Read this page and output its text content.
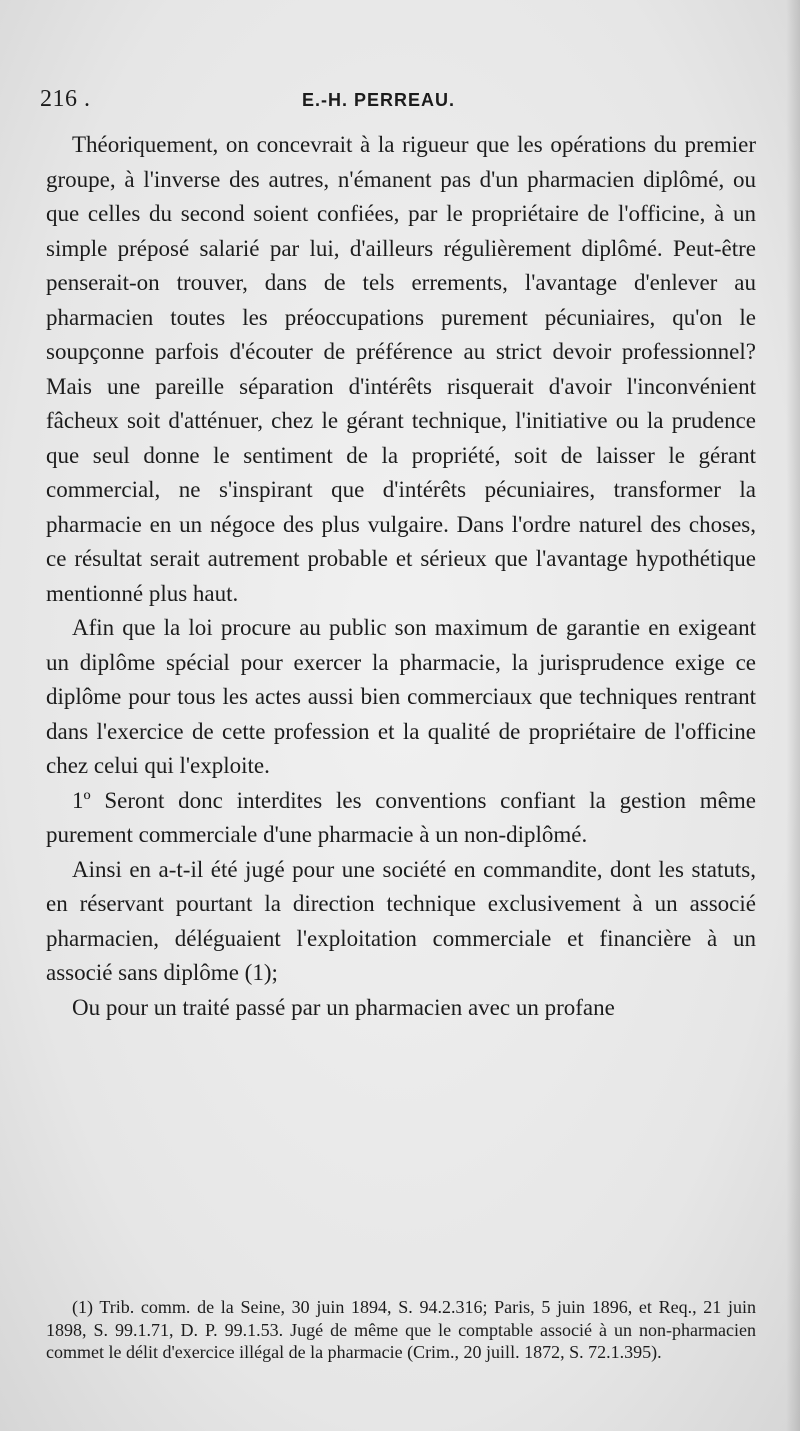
216 .	E.-H. PERREAU.

Théoriquement, on concevrait à la rigueur que les opérations du premier groupe, à l'inverse des autres, n'émanent pas d'un pharmacien diplômé, ou que celles du second soient confiées, par le propriétaire de l'officine, à un simple préposé salarié par lui, d'ailleurs régulièrement diplômé. Peut-être penserait-on trouver, dans de tels errements, l'avantage d'enlever au pharmacien toutes les préoccupations purement pécuniaires, qu'on le soupçonne parfois d'écouter de préférence au strict devoir professionnel? Mais une pareille séparation d'intérêts risquerait d'avoir l'inconvénient fâcheux soit d'atténuer, chez le gérant technique, l'initiative ou la prudence que seul donne le sentiment de la propriété, soit de laisser le gérant commercial, ne s'inspirant que d'intérêts pécuniaires, transformer la pharmacie en un négoce des plus vulgaire. Dans l'ordre naturel des choses, ce résultat serait autrement probable et sérieux que l'avantage hypothétique mentionné plus haut.

Afin que la loi procure au public son maximum de garantie en exigeant un diplôme spécial pour exercer la pharmacie, la jurisprudence exige ce diplôme pour tous les actes aussi bien commerciaux que techniques rentrant dans l'exercice de cette profession et la qualité de propriétaire de l'officine chez celui qui l'exploite.

1º Seront donc interdites les conventions confiant la gestion même purement commerciale d'une pharmacie à un non-diplômé.

Ainsi en a-t-il été jugé pour une société en commandite, dont les statuts, en réservant pourtant la direction technique exclusivement à un associé pharmacien, déléguaient l'exploitation commerciale et financière à un associé sans diplôme (1);

Ou pour un traité passé par un pharmacien avec un profane

(1) Trib. comm. de la Seine, 30 juin 1894, S. 94.2.316; Paris, 5 juin 1896, et Req., 21 juin 1898, S. 99.1.71, D. P. 99.1.53. Jugé de même que le comptable associé à un non-pharmacien commet le délit d'exercice illégal de la pharmacie (Crim., 20 juill. 1872, S. 72.1.395).
